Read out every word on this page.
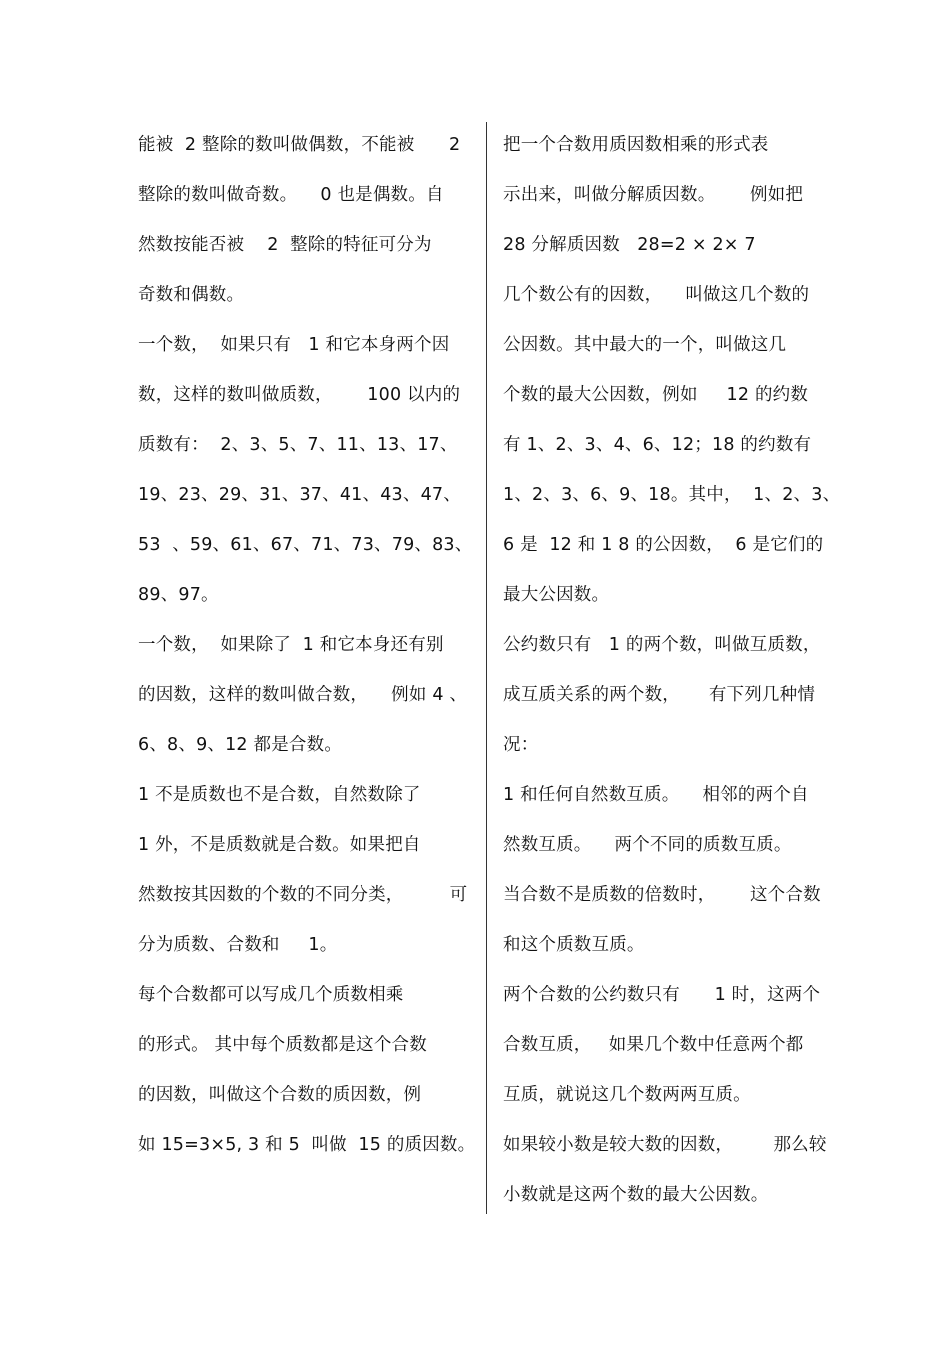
能被  2 整除的数叫做偶数，不能被      2
整除的数叫做奇数。    0 也是偶数。自
然数按能否被    2  整除的特征可分为
奇数和偶数。
一个数，  如果只有   1 和它本身两个因
数，这样的数叫做质数，      100 以内的
质数有：  2、3、5、7、11、13、17、
19、23、29、31、37、41、43、47、
53  、59、61、67、71、73、79、83、
89、97。
一个数，  如果除了  1 和它本身还有别
的因数，这样的数叫做合数，    例如 4 、
6、8、9、12 都是合数。
1 不是质数也不是合数，自然数除了
1 外，不是质数就是合数。如果把自
然数按其因数的个数的不同分类，        可
分为质数、合数和     1。
每个合数都可以写成几个质数相乘
的形式。 其中每个质数都是这个合数
的因数，叫做这个合数的质因数，例
如 15=3×5, 3 和 5  叫做  15 的质因数。
把一个合数用质因数相乘的形式表
示出来，叫做分解质因数。      例如把
28 分解质因数   28=2 × 2× 7
几个数公有的因数，    叫做这几个数的
公因数。其中最大的一个，叫做这几
个数的最大公因数，例如     12 的约数
有 1、2、3、4、6、12；18 的约数有
1、2、3、6、9、18。其中，  1、2、3、
6 是  12 和 1 8 的公因数，  6 是它们的
最大公因数。
公约数只有   1 的两个数，叫做互质数，
成互质关系的两个数，     有下列几种情
况：
1 和任何自然数互质。    相邻的两个自
然数互质。    两个不同的质数互质。
当合数不是质数的倍数时，      这个合数
和这个质数互质。
两个合数的公约数只有      1 时，这两个
合数互质，   如果几个数中任意两个都
互质，就说这几个数两两互质。
如果较小数是较大数的因数，       那么较
小数就是这两个数的最大公因数。
